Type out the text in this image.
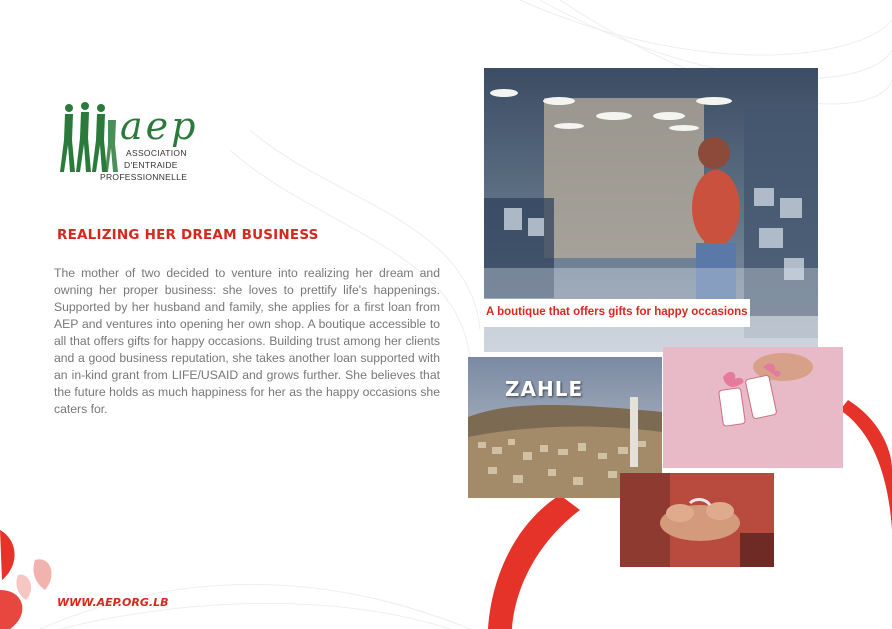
aep
ASSOCIATION
D'ENTRAIDE
PROFESSIONNELLE
REALIZING HER DREAM BUSINESS
The mother of two decided to venture into realizing her dream and owning her proper business: she loves to prettify life's happenings. Supported by her husband and family, she applies for a first loan from AEP and ventures into opening her own shop. A boutique accessible to all that offers gifts for happy occasions. Building trust among her clients and a good business reputation, she takes another loan supported with an in-kind grant from LIFE/USAID and grows further. She believes that the future holds as much happiness for her as the happy occasions she caters for.
WWW.AEP.ORG.LB
A boutique that offers gifts for happy occasions
ZAHLE
